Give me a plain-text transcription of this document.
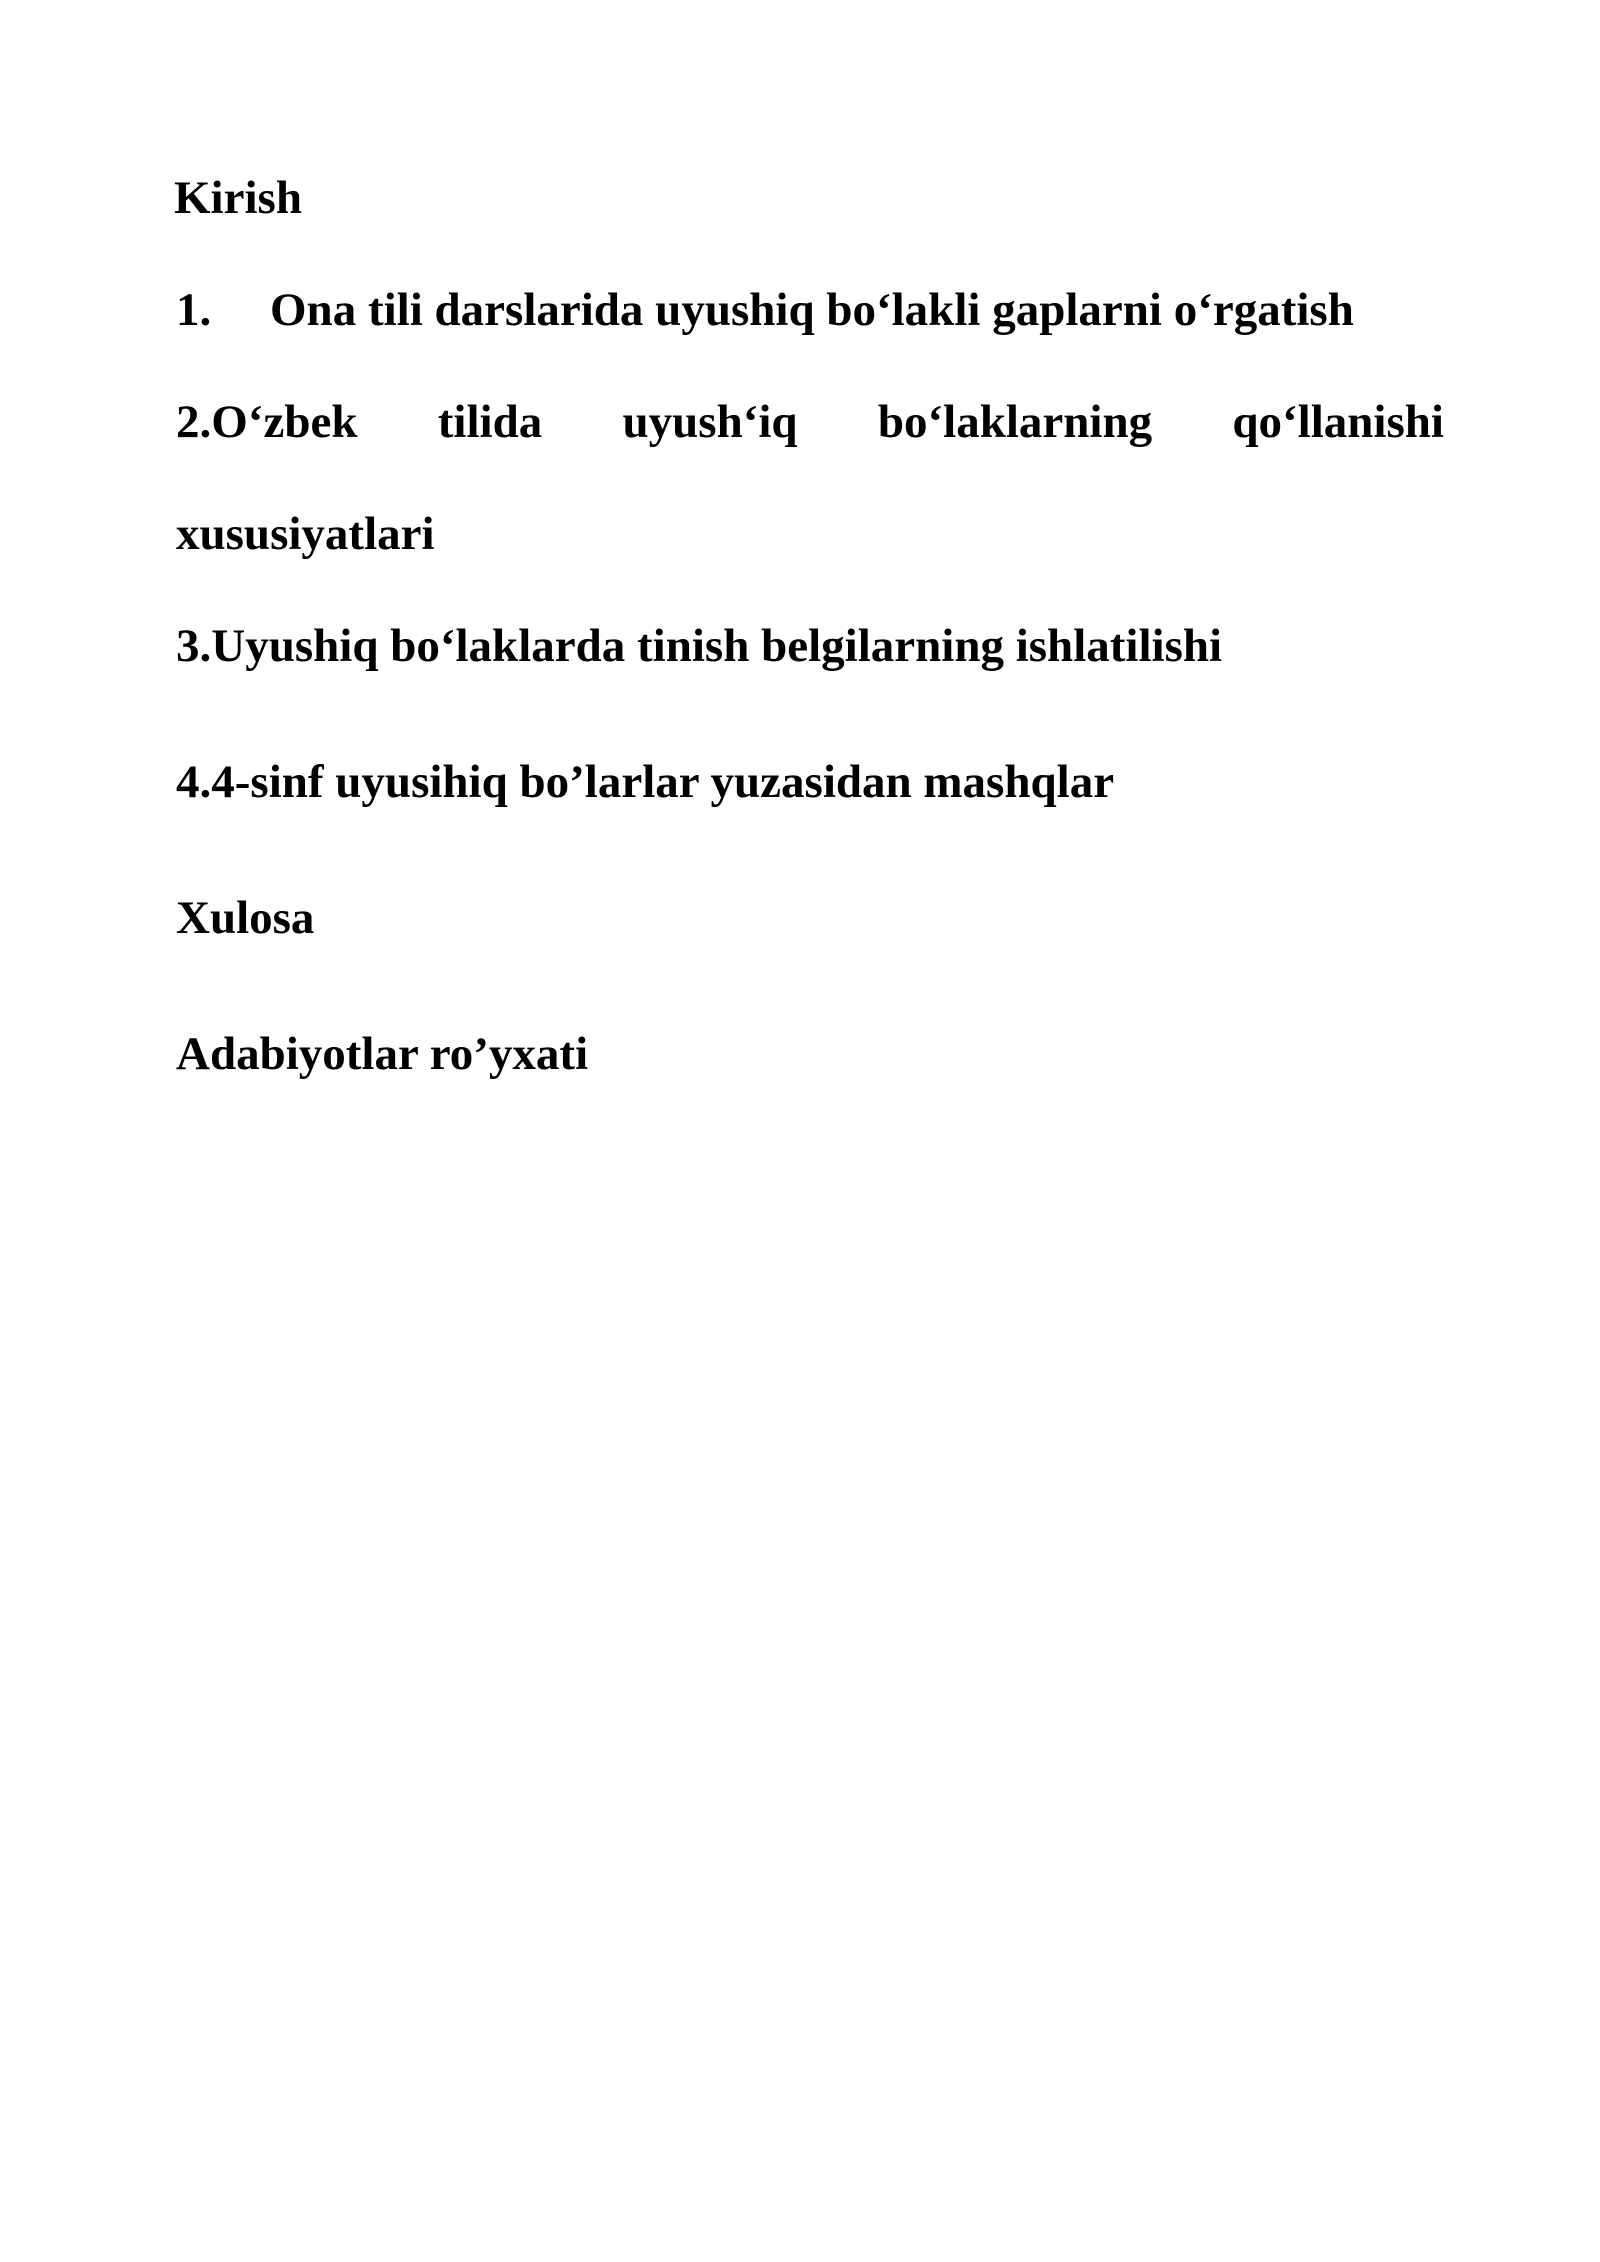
Kirish
1. Ona tili darslarida uyushiq bo‘lakli gaplarni o‘rgatish
2.O‘zbek tilida uyush‘iq bo‘laklarning qo‘llanishi
xususiyatlari
3.Uyushiq bo‘laklarda tinish belgilarning ishlatilishi
4.4-sinf uyusihiq bo’larlar yuzasidan mashqlar
Xulosa
Adabiyotlar ro’yxati
